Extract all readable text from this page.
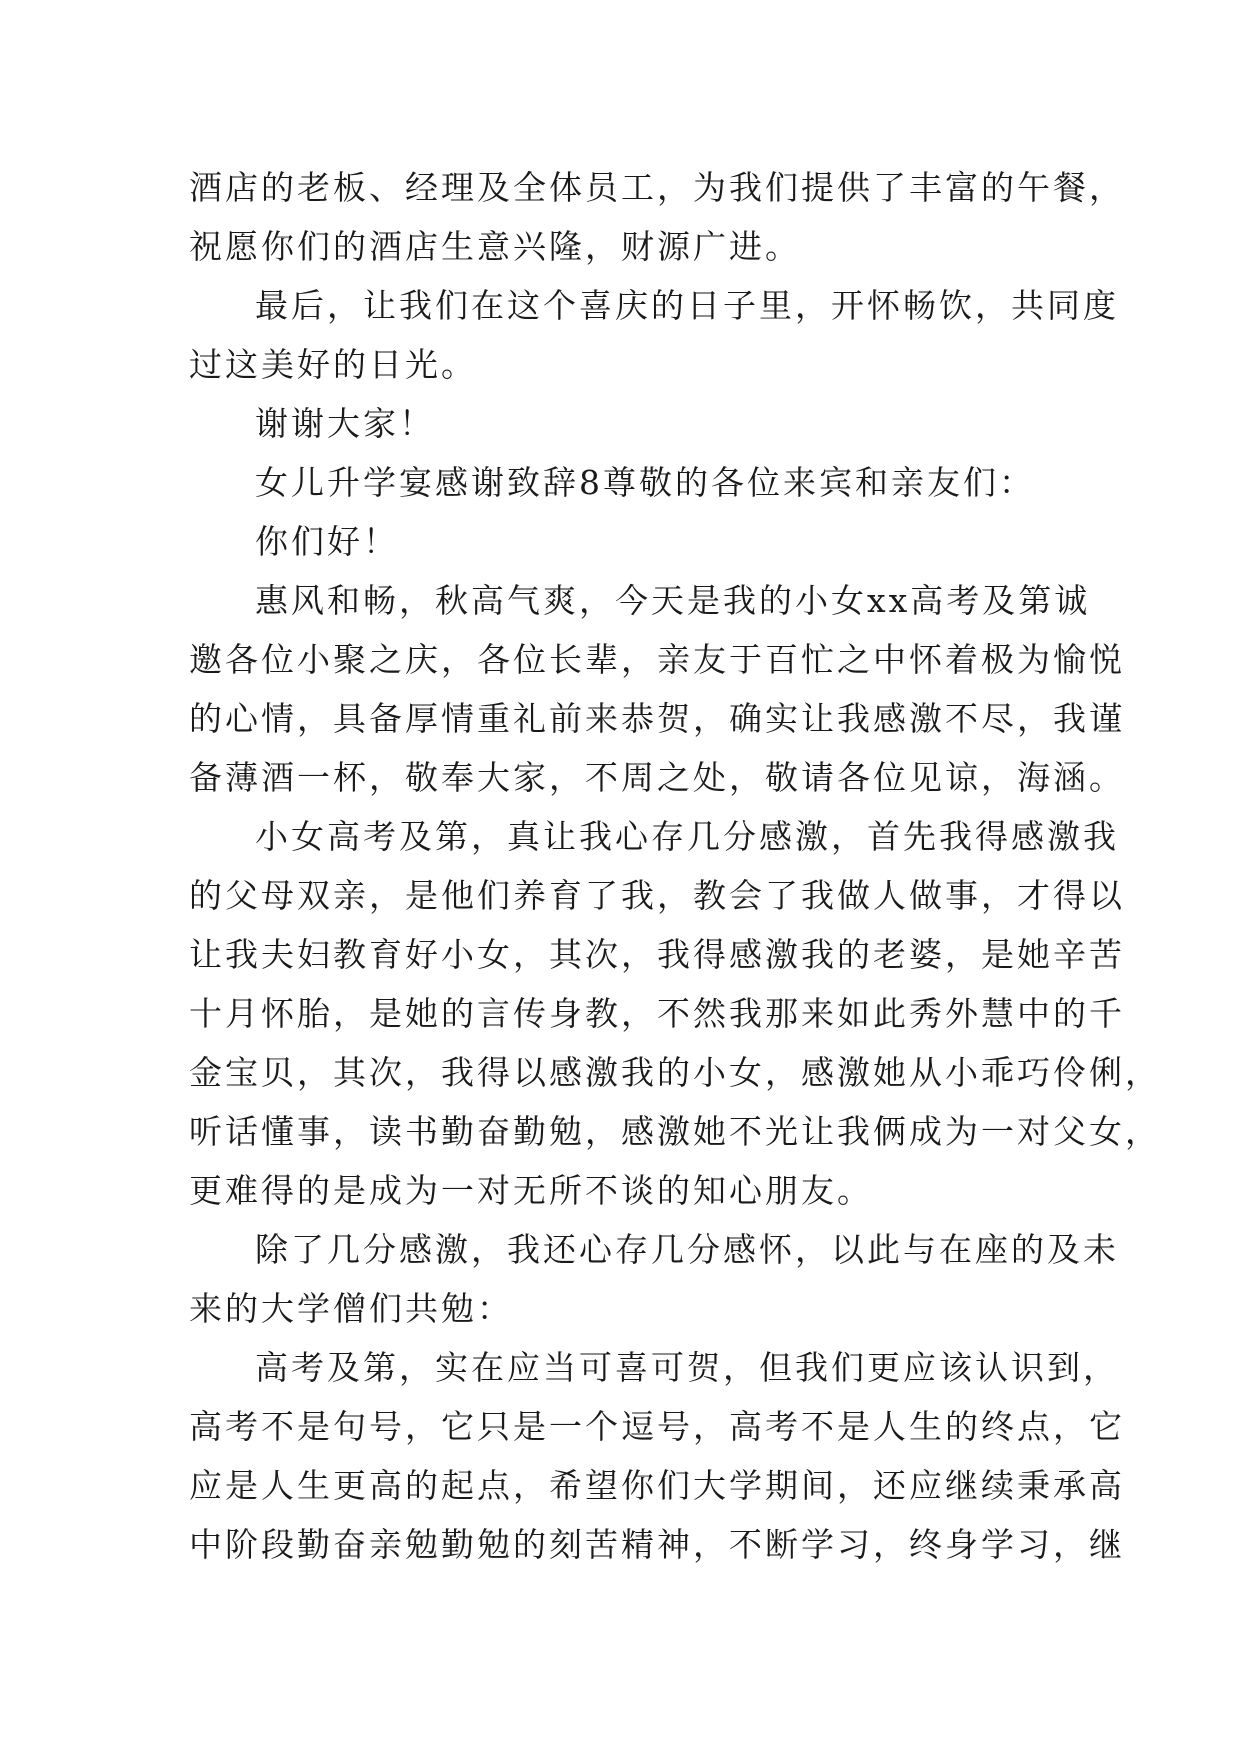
酒店的老板、经理及全体员工，为我们提供了丰富的午餐，
祝愿你们的酒店生意兴隆，财源广进。
最后，让我们在这个喜庆的日子里，开怀畅饮，共同度
过这美好的日光。
谢谢大家！
女儿升学宴感谢致辞8尊敬的各位来宾和亲友们：
你们好！
惠风和畅，秋高气爽，今天是我的小女xx高考及第诚
邀各位小聚之庆，各位长辈，亲友于百忙之中怀着极为愉悦
的心情，具备厚情重礼前来恭贺，确实让我感激不尽，我谨
备薄酒一杯，敬奉大家，不周之处，敬请各位见谅，海涵。
小女高考及第，真让我心存几分感激，首先我得感激我
的父母双亲，是他们养育了我，教会了我做人做事，才得以
让我夫妇教育好小女，其次，我得感激我的老婆，是她辛苦
十月怀胎，是她的言传身教，不然我那来如此秀外慧中的千
金宝贝，其次，我得以感激我的小女，感激她从小乖巧伶俐，
听话懂事，读书勤奋勤勉，感激她不光让我俩成为一对父女，
更难得的是成为一对无所不谈的知心朋友。
除了几分感激，我还心存几分感怀，以此与在座的及未
来的大学僧们共勉：
高考及第，实在应当可喜可贺，但我们更应该认识到，
高考不是句号，它只是一个逗号，高考不是人生的终点，它
应是人生更高的起点，希望你们大学期间，还应继续秉承高
中阶段勤奋亲勉勤勉的刻苦精神，不断学习，终身学习，继
